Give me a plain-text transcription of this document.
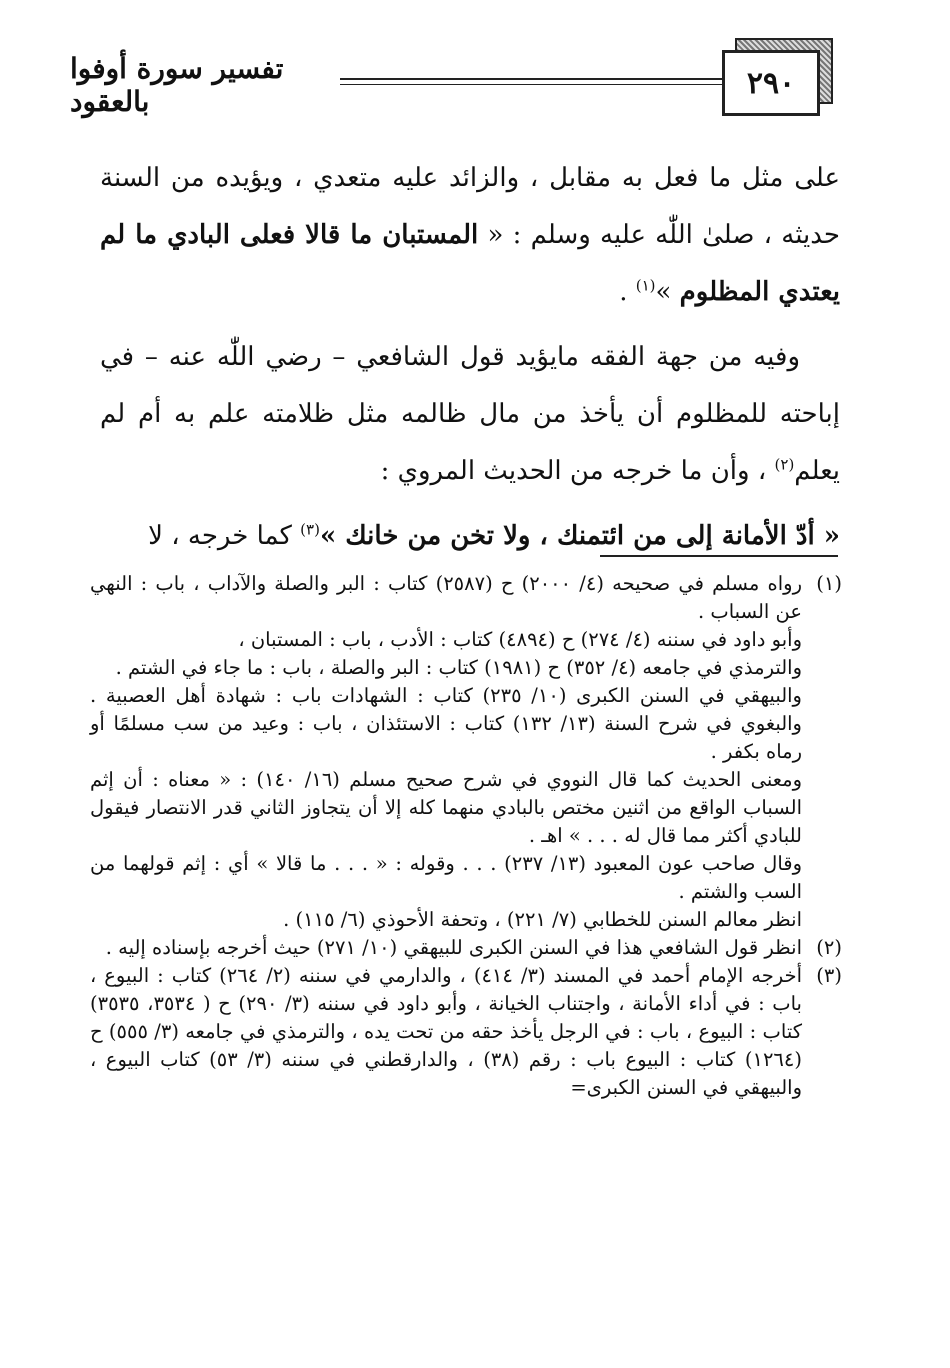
٢٩٠
تفسير سورة أوفوا بالعقود

على مثل ما فعل به مقابل ، والزائد عليه متعدي ، ويؤيده من السنة حديثه ، صلىٰ اللّٰه عليه وسلم : « المستبان ما قالا فعلى البادي ما لم يعتدي المظلوم »$^{(١)}$ .

وفيه من جهة الفقه مايؤيد قول الشافعي – رضي اللّٰه عنه – في إباحته للمظلوم أن يأخذ من مال ظالمه مثل ظلامته علم به أم لم يعلم$^{(٢)}$ ، وأن ما خرجه من الحديث المروي :

« أدّ الأمانة إلى من ائتمنك ، ولا تخن من خانك »$^{(٣)}$ كما خرجه ، لا

(١)
رواه مسلم في صحيحه (٤/ ٢٠٠٠) ح (٢٥٨٧) كتاب : البر والصلة والآداب ، باب : النهي عن السباب .
وأبو داود في سننه (٤/ ٢٧٤) ح (٤٨٩٤) كتاب : الأدب ، باب : المستبان ،
والترمذي في جامعه (٤/ ٣٥٢) ح (١٩٨١) كتاب : البر والصلة ، باب : ما جاء في الشتم .
والبيهقي في السنن الكبرى (١٠/ ٢٣٥) كتاب : الشهادات باب : شهادة أهل العصبية . والبغوي في شرح السنة (١٣/ ١٣٢) كتاب : الاستئذان ، باب : وعيد من سب مسلمًا أو رماه بكفر .
ومعنى الحديث كما قال النووي في شرح صحيح مسلم (١٦/ ١٤٠) : « معناه : أن إثم السباب الواقع من اثنين مختص بالبادي منهما كله إلا أن يتجاوز الثاني قدر الانتصار فيقول للبادي أكثر مما قال له . . . » اهـ .
وقال صاحب عون المعبود (١٣/ ٢٣٧) . . . وقوله : « . . . ما قالا » أي : إثم قولهما من السب والشتم .
انظر معالم السنن للخطابي (٧/ ٢٢١) ، وتحفة الأحوذي (٦/ ١١٥) .
(٢)
انظر قول الشافعي هذا في السنن الكبرى للبيهقي (١٠/ ٢٧١) حيث أخرجه بإسناده إليه .
(٣)
أخرجه الإمام أحمد في المسند (٣/ ٤١٤) ، والدارمي في سننه (٢/ ٢٦٤) كتاب : البيوع ، باب : في أداء الأمانة ، واجتناب الخيانة ، وأبو داود في سننه (٣/ ٢٩٠) ح ( ٣٥٣٤، ٣٥٣٥) كتاب : البيوع ، باب : في الرجل يأخذ حقه من تحت يده ، والترمذي في جامعه (٣/ ٥٥٥) ح (١٢٦٤) كتاب : البيوع باب : رقم (٣٨) ، والدارقطني في سننه (٣/ ٥٣) كتاب البيوع ، والبيهقي في السنن الكبرى=
